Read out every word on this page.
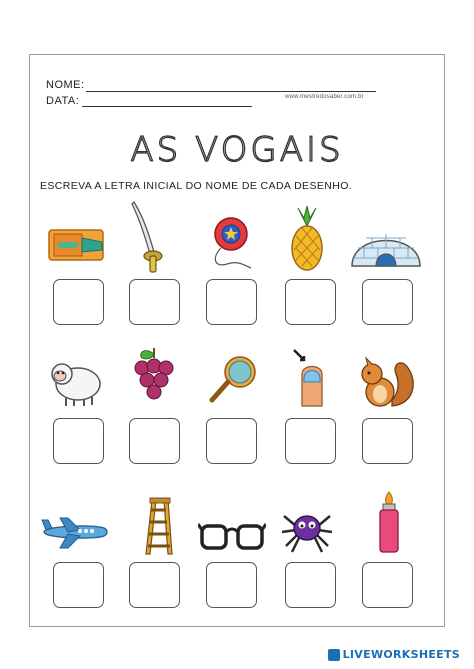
NOME:
DATA:	www.mestredosaber.com.br
AS VOGAIS
ESCREVA A LETRA INICIAL DO NOME DE CADA DESENHO.
LIVEWORKSHEETS
